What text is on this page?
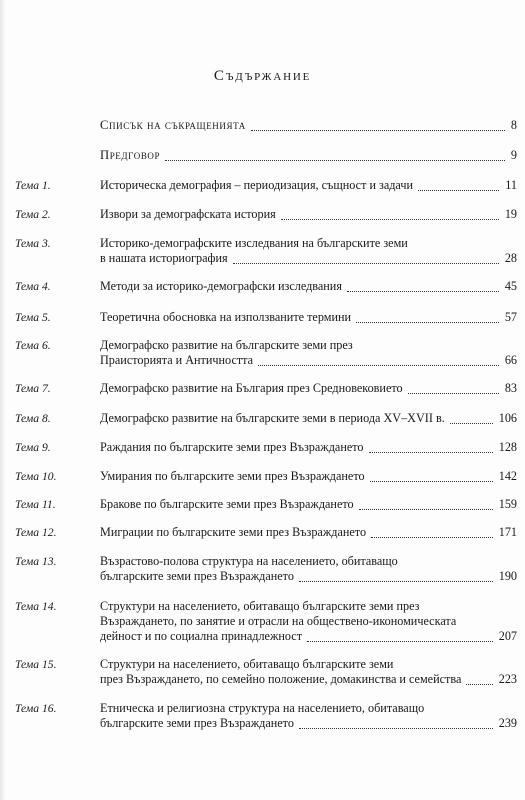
Съдържание
Списък на съкращенията	8
Предговор	9
Тема 1.	Историческа демография – периодизация, същност и задачи	11
Тема 2.	Извори за демографската история	19
Тема 3.	Историко-демографските изследвания на българските земи
в нашата историография	28
Тема 4.	Методи за историко-демографски изследвания	45
Тема 5.	Теоретична обосновка на използваните термини	57
Тема 6.	Демографско развитие на българските земи през
Праисторията и Античността	66
Тема 7.	Демографско развитие на България през Средновековието	83
Тема 8.	Демографско развитие на българските земи в периода XV–XVII в.	106
Тема 9.	Раждания по българските земи през Възраждането	128
Тема 10.	Умирания по българските земи през Възраждането	142
Тема 11.	Бракове по българските земи през Възраждането	159
Тема 12.	Миграции по българските земи през Възраждането	171
Тема 13.	Възрастово-полова структура на населението, обитаващо
българските земи през Възраждането	190
Тема 14.	Структури на населението, обитаващо българските земи през
Възраждането, по занятие и отрасли на обществено-икономическата
дейност и по социална принадлежност	207
Тема 15.	Структури на населението, обитаващо българските земи
през Възраждането, по семейно положение, домакинства и семейства	223
Тема 16.	Етническа и религиозна структура на населението, обитаващо
българските земи през Възраждането	239
